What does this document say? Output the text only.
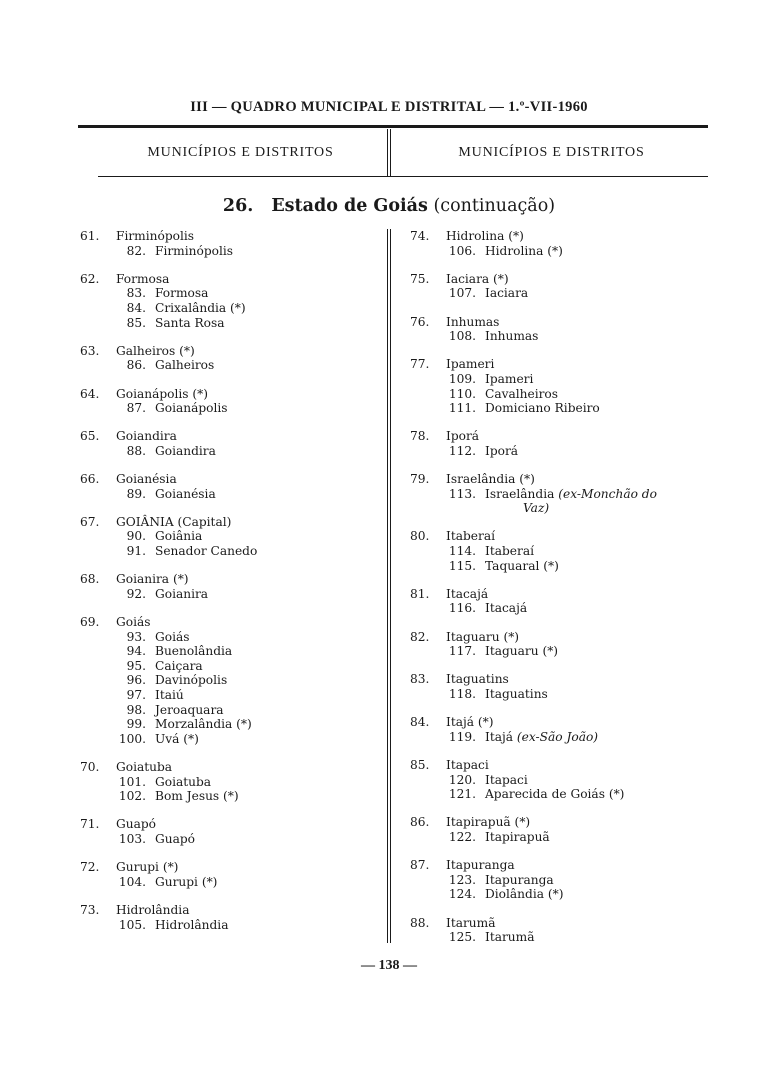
III — QUADRO MUNICIPAL E DISTRITAL — 1.º-VII-1960
MUNICÍPIOS E DISTRITOS	MUNICÍPIOS E DISTRITOS
26. Estado de Goiás (continuação)
61. Firminópolis
82. Firminópolis
62. Formosa
83. Formosa
84. Crixalândia (*)
85. Santa Rosa
63. Galheiros (*)
86. Galheiros
64. Goianápolis (*)
87. Goianápolis
65. Goiandira
88. Goiandira
66. Goianésia
89. Goianésia
67. GOIÂNIA (Capital)
90. Goiânia
91. Senador Canedo
68. Goianira (*)
92. Goianira
69. Goiás
93. Goiás
94. Buenolândia
95. Caiçara
96. Davinópolis
97. Itaiú
98. Jeroaquara
99. Morzalândia (*)
100. Uvá (*)
70. Goiatuba
101. Goiatuba
102. Bom Jesus (*)
71. Guapó
103. Guapó
72. Gurupi (*)
104. Gurupi (*)
73. Hidrolândia
105. Hidrolândia
74. Hidrolina (*)
106. Hidrolina (*)
75. Iaciara (*)
107. Iaciara
76. Inhumas
108. Inhumas
77. Ipameri
109. Ipameri
110. Cavalheiros
111. Domiciano Ribeiro
78. Iporá
112. Iporá
79. Israelândia (*)
113. Israelândia (ex-Monchão do
Vaz)
80. Itaberaí
114. Itaberaí
115. Taquaral (*)
81. Itacajá
116. Itacajá
82. Itaguaru (*)
117. Itaguaru (*)
83. Itaguatins
118. Itaguatins
84. Itajá (*)
119. Itajá (ex-São João)
85. Itapaci
120. Itapaci
121. Aparecida de Goiás (*)
86. Itapirapuã (*)
122. Itapirapuã
87. Itapuranga
123. Itapuranga
124. Diolândia (*)
88. Itarumã
125. Itarumã
— 138 —
